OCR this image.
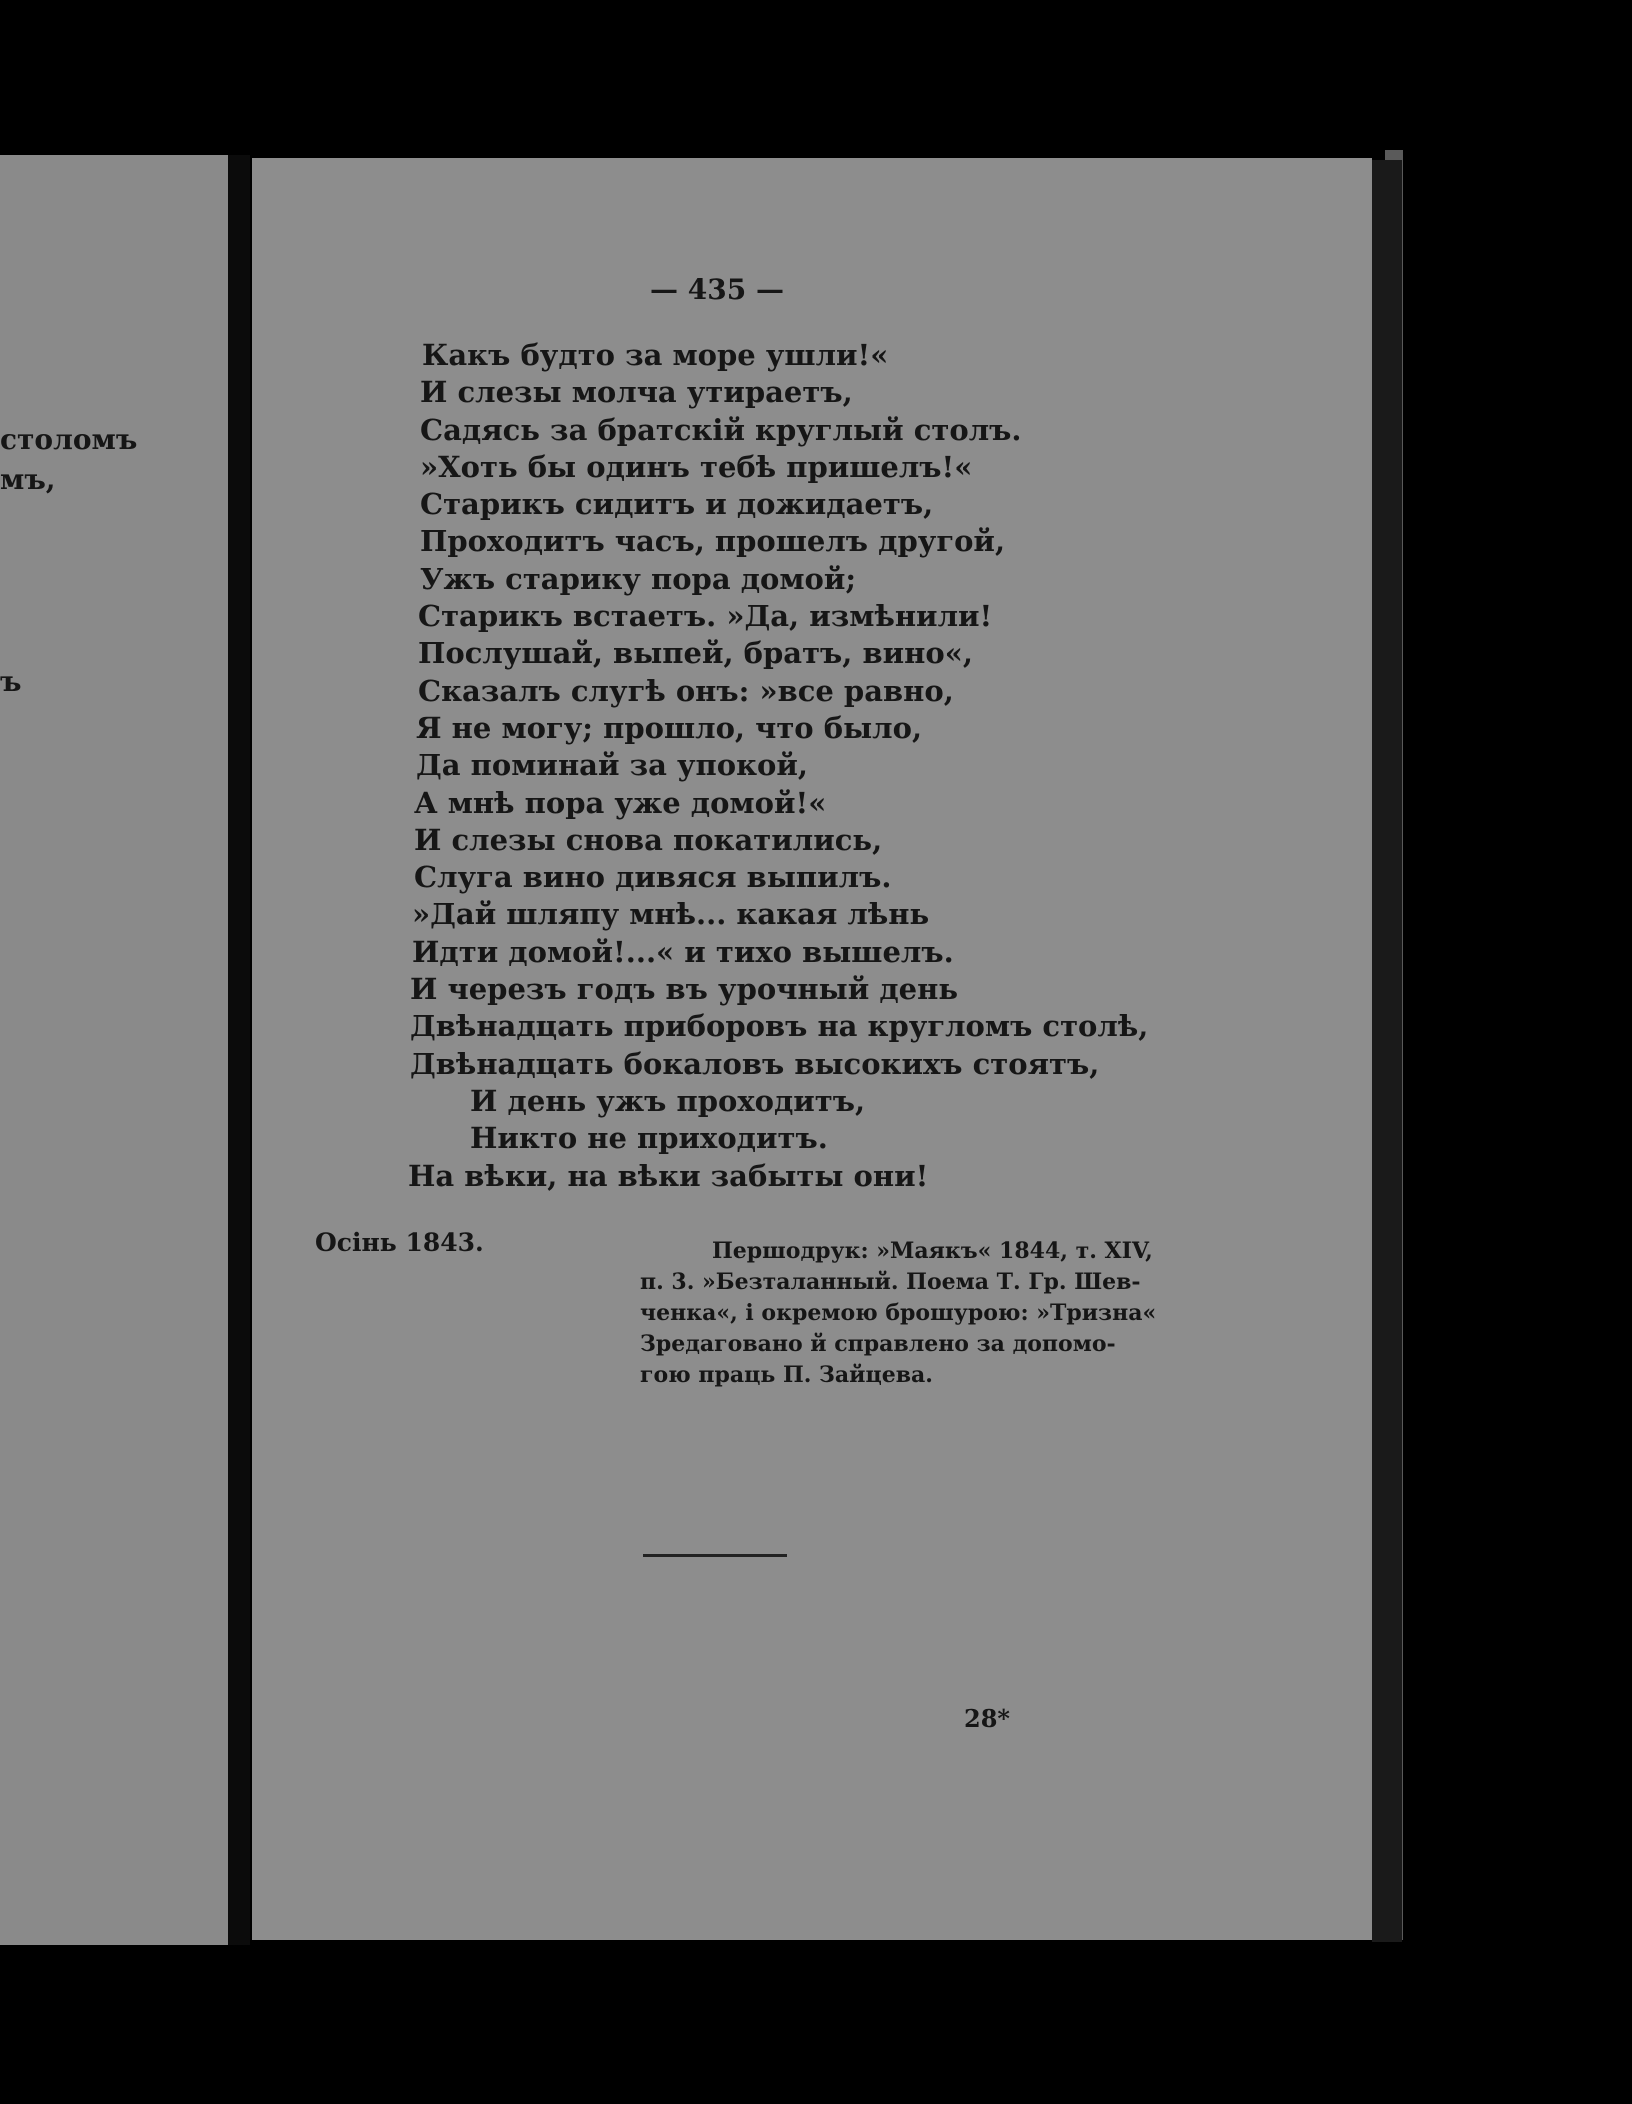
столомъ
мъ,
ъ
— 435 —
Какъ будто за море ушли!«
И слезы молча утираетъ,
Садясь за братскій круглый столъ.
»Хоть бы одинъ тебѣ пришелъ!«
Старикъ сидитъ и дожидаетъ,
Проходитъ часъ, прошелъ другой,
Ужъ старику пора домой;
Старикъ встаетъ. »Да, измѣнили!
Послушай, выпей, братъ, вино«,
Сказалъ слугѣ онъ: »все равно,
Я не могу; прошло, что было,
Да поминай за упокой,
А мнѣ пора уже домой!«
И слезы снова покатились,
Слуга вино дивяся выпилъ.
»Дай шляпу мнѣ... какая лѣнь
Идти домой!...« и тихо вышелъ.
И черезъ годъ въ урочный день
Двѣнадцать приборовъ на кругломъ столѣ,
Двѣнадцать бокаловъ высокихъ стоятъ,
И день ужъ проходитъ,
Никто не приходитъ.
На вѣки, на вѣки забыты они!
Осінь 1843.	Першодрук: »Маякъ« 1844, т. XIV,
п. 3. »Безталанный. Поема Т. Гр. Шев-
ченка«, і окремою брошурою: »Тризна«
Зредаговано й справлено за допомо-
гою праць П. Зайцева.
28*
